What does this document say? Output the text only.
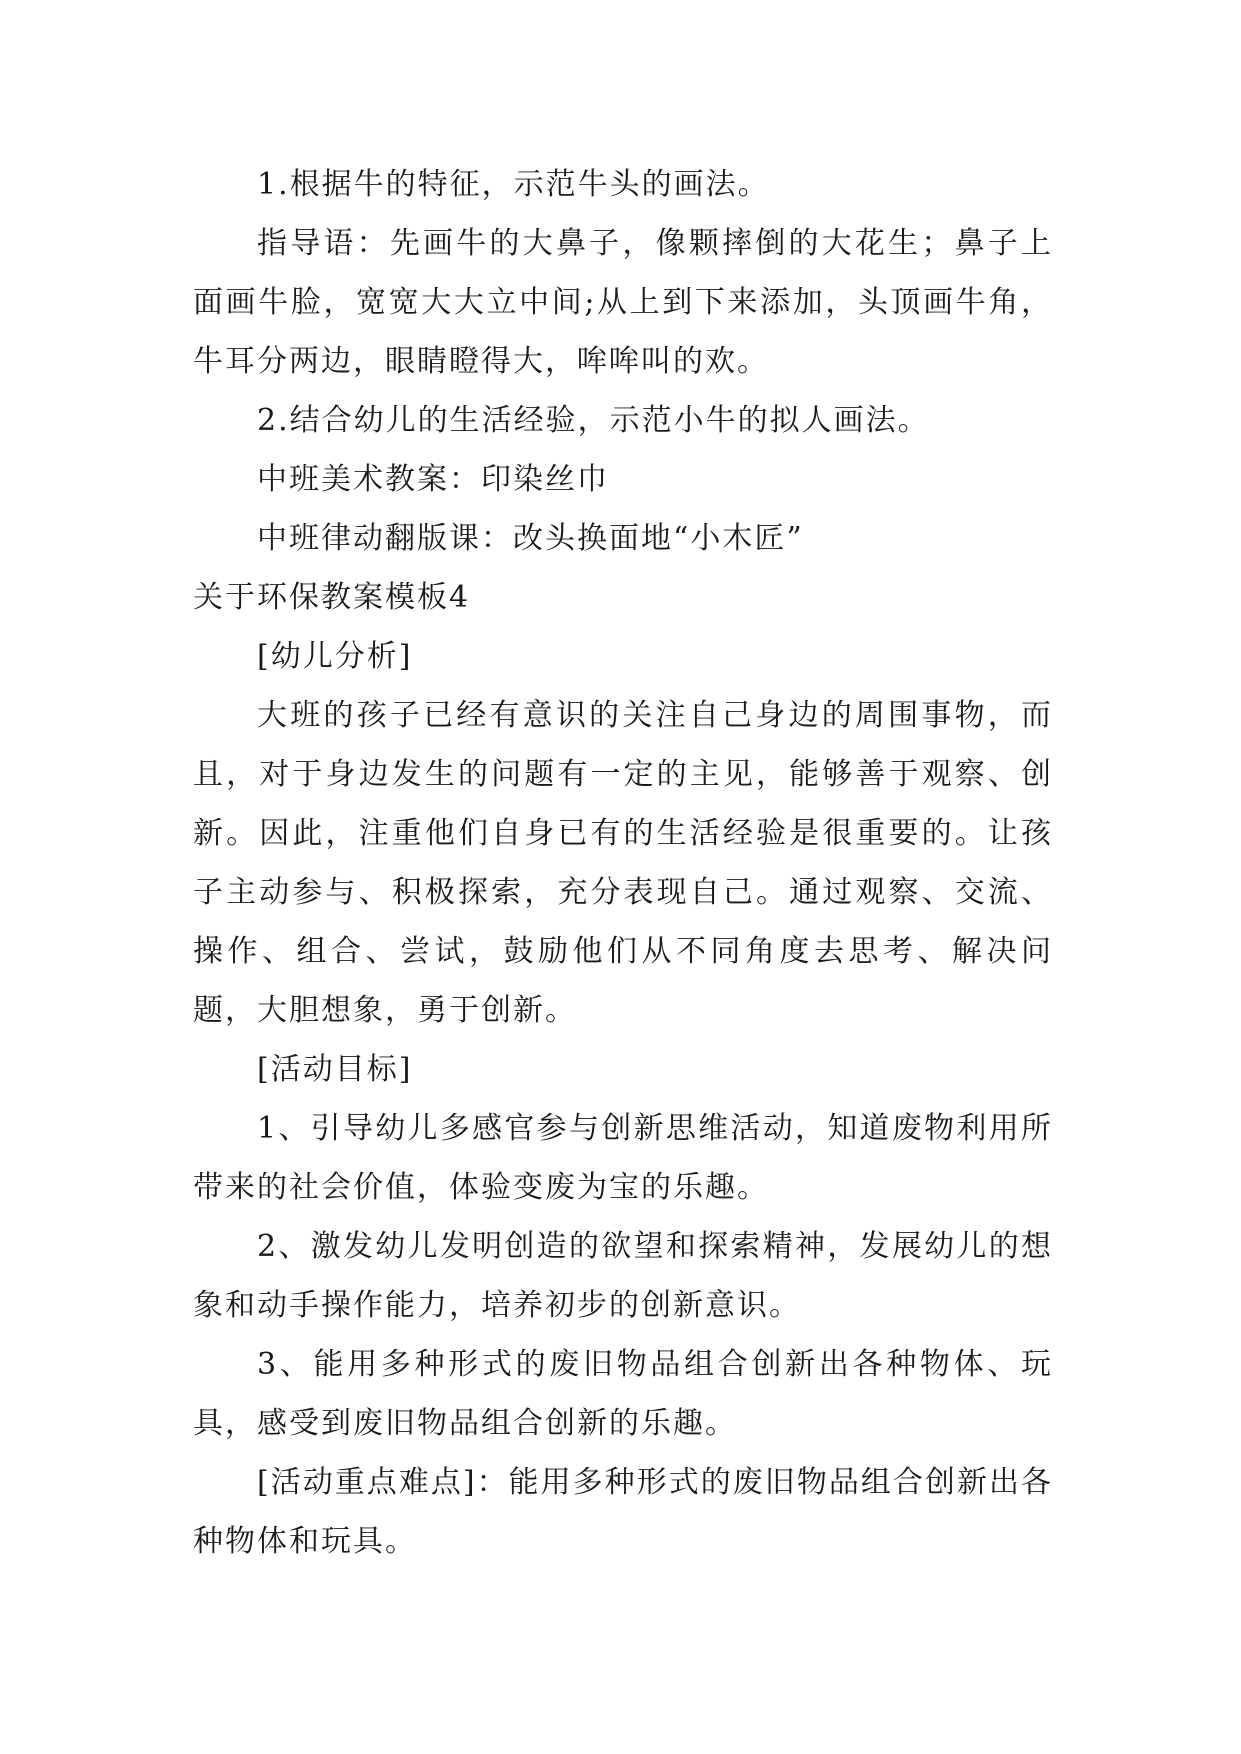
1.根据牛的特征，示范牛头的画法。

指导语：先画牛的大鼻子，像颗摔倒的大花生；鼻子上面画牛脸，宽宽大大立中间;从上到下来添加，头顶画牛角，牛耳分两边，眼睛瞪得大，哞哞叫的欢。

2.结合幼儿的生活经验，示范小牛的拟人画法。

中班美术教案：印染丝巾

中班律动翻版课：改头换面地“小木匠”

关于环保教案模板4

[幼儿分析]

大班的孩子已经有意识的关注自己身边的周围事物，而且，对于身边发生的问题有一定的主见，能够善于观察、创新。因此，注重他们自身已有的生活经验是很重要的。让孩子主动参与、积极探索，充分表现自己。通过观察、交流、操作、组合、尝试，鼓励他们从不同角度去思考、解决问题，大胆想象，勇于创新。

[活动目标]

1、引导幼儿多感官参与创新思维活动，知道废物利用所带来的社会价值，体验变废为宝的乐趣。

2、激发幼儿发明创造的欲望和探索精神，发展幼儿的想象和动手操作能力，培养初步的创新意识。

3、能用多种形式的废旧物品组合创新出各种物体、玩具，感受到废旧物品组合创新的乐趣。

[活动重点难点]：能用多种形式的废旧物品组合创新出各种物体和玩具。
